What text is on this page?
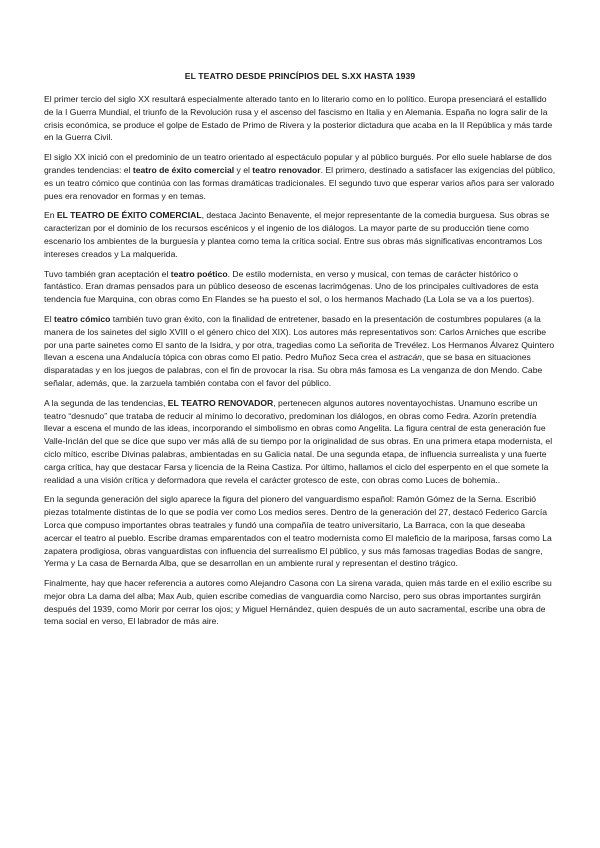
EL TEATRO DESDE PRINCÍPIOS DEL S.XX HASTA 1939

El primer tercio del siglo XX resultará especialmente alterado tanto en lo literario como en lo político. Europa presenciará el estallido de la I Guerra Mundial, el triunfo de la Revolución rusa y el ascenso del fascismo en Italia y en Alemania. España no logra salir de la crisis económica, se produce el golpe de Estado de Primo de Rivera y la posterior dictadura que acaba en la II República y más tarde en la Guerra Civil.

El siglo XX inició con el predominio de un teatro orientado al espectáculo popular y al público burgués. Por ello suele hablarse de dos grandes tendencias: el teatro de éxito comercial y el teatro renovador. El primero, destinado a satisfacer las exigencias del público, es un teatro cómico que continúa con las formas dramáticas tradicionales. El segundo tuvo que esperar varios años para ser valorado pues era renovador en formas y en temas.

En EL TEATRO DE ÉXITO COMERCIAL, destaca Jacinto Benavente, el mejor representante de la comedia burguesa. Sus obras se caracterizan por el dominio de los recursos escénicos y el ingenio de los diálogos. La mayor parte de su producción tiene como escenario los ambientes de la burguesía y plantea como tema la crítica social. Entre sus obras más significativas encontramos Los intereses creados y La malquerida.

Tuvo también gran aceptación el teatro poético. De estilo modernista, en verso y musical, con temas de carácter histórico o fantástico. Eran dramas pensados para un público deseoso de escenas lacrimógenas. Uno de los principales cultivadores de esta tendencia fue Marquina, con obras como En Flandes se ha puesto el sol, o los hermanos Machado (La Lola se va a los puertos).

El teatro cómico también tuvo gran éxito, con la finalidad de entretener, basado en la presentación de costumbres populares (a la manera de los sainetes del siglo XVIII o el género chico del XIX). Los autores más representativos son: Carlos Arniches que escribe por una parte sainetes como El santo de la Isidra, y por otra, tragedias como La señorita de Trevélez. Los Hermanos Álvarez Quintero llevan a escena una Andalucía tópica con obras como El patio. Pedro Muñoz Seca crea el astracán, que se basa en situaciones disparatadas y en los juegos de palabras, con el fin de provocar la risa. Su obra más famosa es La venganza de don Mendo. Cabe señalar, además, que. la zarzuela también contaba con el favor del público.

A la segunda de las tendencias, EL TEATRO RENOVADOR, pertenecen algunos autores noventayochistas. Unamuno escribe un teatro “desnudo” que trataba de reducir al mínimo lo decorativo, predominan los diálogos, en obras como Fedra. Azorín pretendía llevar a escena el mundo de las ideas, incorporando el simbolismo en obras como Angelita. La figura central de esta generación fue Valle-Inclán del que se dice que supo ver más allá de su tiempo por la originalidad de sus obras. En una primera etapa modernista, el ciclo mítico, escribe Divinas palabras, ambientadas en su Galicia natal. De una segunda etapa, de influencia surrealista y una fuerte carga crítica, hay que destacar Farsa y licencia de la Reina Castiza. Por último, hallamos el ciclo del esperpento en el que somete la realidad a una visión crítica y deformadora que revela el carácter grotesco de este, con obras como Luces de bohemia..

En la segunda generación del siglo aparece la figura del pionero del vanguardismo español: Ramón Gómez de la Serna. Escribió piezas totalmente distintas de lo que se podía ver como Los medios seres. Dentro de la generación del 27, destacó Federico García Lorca que compuso importantes obras teatrales y fundó una compañía de teatro universitario, La Barraca, con la que deseaba acercar el teatro al pueblo. Escribe dramas emparentados con el teatro modernista como El maleficio de la mariposa, farsas como La zapatera prodigiosa, obras vanguardistas con influencia del surrealismo El público, y sus más famosas tragedias Bodas de sangre, Yerma y La casa de Bernarda Alba, que se desarrollan en un ambiente rural y representan el destino trágico.

Finalmente, hay que hacer referencia a autores como Alejandro Casona con La sirena varada, quien más tarde en el exilio escribe su mejor obra La dama del alba; Max Aub, quien escribe comedias de vanguardia como Narciso, pero sus obras importantes surgirán después del 1939, como Morir por cerrar los ojos; y Miguel Hernández, quien después de un auto sacramental, escribe una obra de tema social en verso, El labrador de más aire.
